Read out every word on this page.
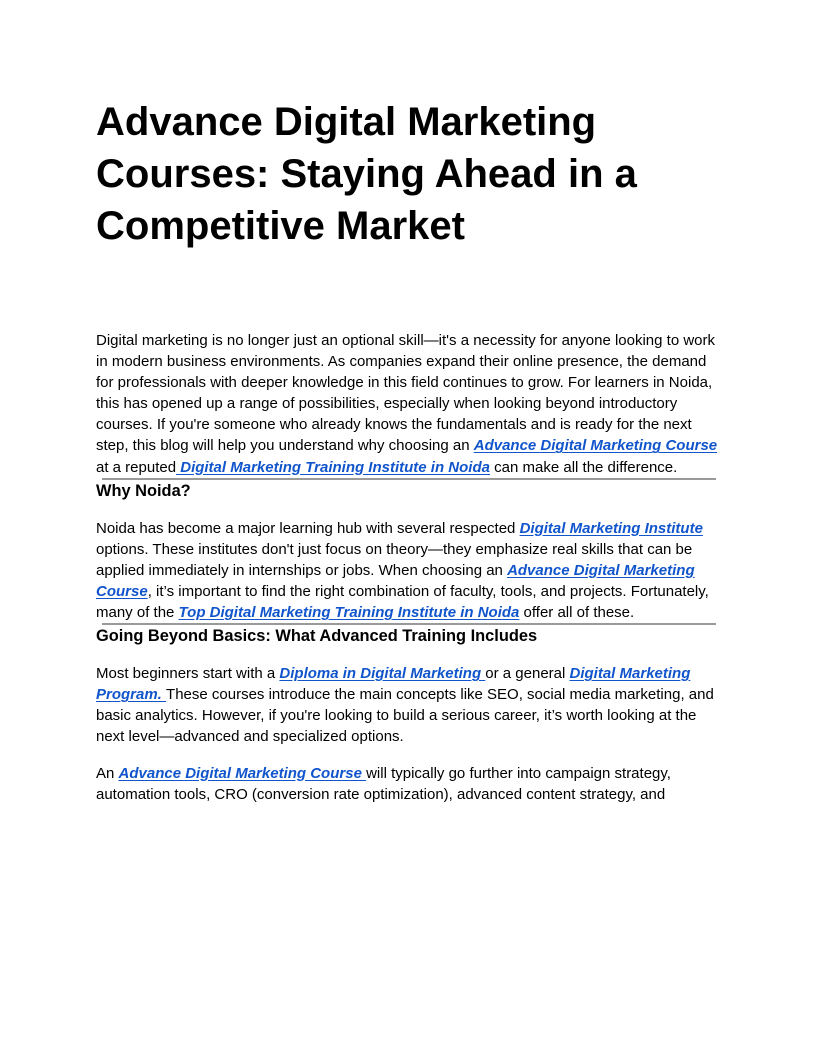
Advance Digital Marketing Courses: Staying Ahead in a Competitive Market

Digital marketing is no longer just an optional skill—it's a necessity for anyone looking to work in modern business environments. As companies expand their online presence, the demand for professionals with deeper knowledge in this field continues to grow. For learners in Noida, this has opened up a range of possibilities, especially when looking beyond introductory courses. If you're someone who already knows the fundamentals and is ready for the next step, this blog will help you understand why choosing an Advance Digital Marketing Course at a reputed Digital Marketing Training Institute in Noida can make all the difference.

Why Noida?

Noida has become a major learning hub with several respected Digital Marketing Institute options. These institutes don't just focus on theory—they emphasize real skills that can be applied immediately in internships or jobs. When choosing an Advance Digital Marketing Course, it’s important to find the right combination of faculty, tools, and projects. Fortunately, many of the Top Digital Marketing Training Institute in Noida offer all of these.

Going Beyond Basics: What Advanced Training Includes

Most beginners start with a Diploma in Digital Marketing or a general Digital Marketing Program. These courses introduce the main concepts like SEO, social media marketing, and basic analytics. However, if you're looking to build a serious career, it’s worth looking at the next level—advanced and specialized options.

An Advance Digital Marketing Course will typically go further into campaign strategy, automation tools, CRO (conversion rate optimization), advanced content strategy, and
